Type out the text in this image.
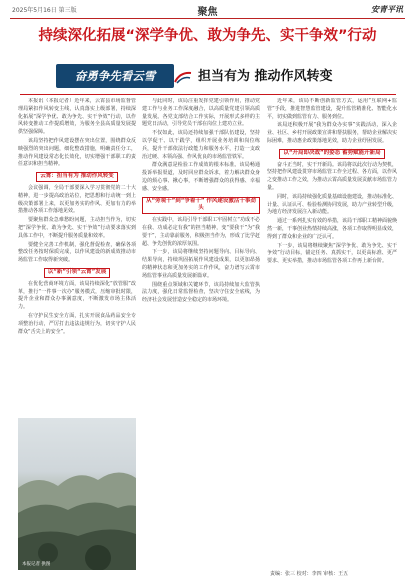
2025年5月16日 第三版	聚焦	安青平讯
持续深化拓展“深学争优、敢为争先、实干争效”行动
奋勇争先看云雪	担当有为 推动作风转变

本报讯（本报记者）近年来，云霄县市场监督管理局紧扣作风转变主线，认真落实上级部署，持续深化拓展“深学争优、敢为争先、实干争效”行动，以作风转变推动工作提质增效，为服务全县高质量发展提供坚强保障。

该局坚持把作风建设摆在突出位置，围绕群众反映强烈的突出问题，细化整改措施，明确责任分工，推动作风建设常态化长效化，切实增强干部职工的责任意识和担当精神。

云霄：担当有为 推动作风转变

会议强调，全局干部要深入学习贯彻党的二十大精神，进一步提高政治站位，把思想和行动统一到上级决策部署上来，以更加务实的作风、更加有力的举措推动各项工作落地见效。

要聚焦群众急难愁盼问题，主动担当作为，切实把“深学争优、敢为争先、实干争效”行动要求落实到具体工作中，不断提升服务质量和效率。

要健全完善工作机制，强化督促检查，确保各项整改任务按时保质完成，以作风建设的新成效推动市场监管工作取得新突破。

以“新”引领“云霄”发展

在优化营商环境方面，该局持续深化“放管服”改革，推行“一件事一次办”服务模式，压缩审批时限，提升企业和群众办事满意度，不断激发市场主体活力。

在守护民生安全方面，扎实开展食品药品安全专项整治行动，严厉打击违法违规行为，切实守护人民群众“舌尖上的安全”。

本报记者 供图

与此同时，该局注重发挥党建引领作用，推动党建工作与业务工作深度融合，以高质量党建引领高质量发展。各党支部结合工作实际，开展形式多样的主题党日活动，引导党员干部在岗位上建功立业。

不仅如此，该局还持续加强干部队伍建设，坚持以学促干、以干践学，组织开展业务培训和岗位练兵，提升干部依法行政能力和服务水平，打造一支政治过硬、本领高强、作风优良的市场监管铁军。

群众满意是检验工作成效的根本标准。该局畅通投诉举报渠道，及时回应群众诉求，着力解决群众身边的烦心事、揪心事，不断增强群众的获得感、幸福感、安全感。

从“旁观干”到“争着干” 作风建设激活干事劲头

在实践中，该局引导干部职工牢固树立“功成不必在我、功成必定有我”的担当精神，变“要我干”为“我要干”，主动靠前服务，积极担当作为，形成了比学赶超、争先创优的浓厚氛围。

下一步，该局将继续坚持问题导向、目标导向、结果导向，持续巩固拓展作风建设成果，以更加昂扬的精神状态和更加务实的工作作风，奋力谱写云霄市场监管事业高质量发展新篇章。

围绕重点领域和关键环节，该局持续加大监管执法力度，强化日常监督检查，坚决守住安全底线，为经济社会发展营造安全稳定的市场环境。

近年来，该局不断创新监管方式，运用“互联网+监管”手段，推进智慧监管建设，提升监管精准化、智能化水平，切实做到监管有力、服务到位。

该局还积极开展“我为群众办实事”实践活动，深入企业、社区、乡村开展政策宣讲和帮扶服务，帮助企业解决实际困难，推动惠企政策落地见效，助力企业纾困发展。

以“开局即决战”的姿态 蓄势赋能开新局

奋斗正当时，实干开新局。该局将以此次行动为契机，坚持把作风建设贯穿市场监管工作全过程、各方面，以作风之变推动工作之效，为推动云霄高质量发展贡献市场监管力量。

同时，该局持续强化质量基础设施建设，推动标准化、计量、认证认可、检验检测协同发展，助力产业转型升级，为地方经济发展注入新动能。

通过一系列扎实有效的举措，该局干部职工精神面貌焕然一新，干事创业热情持续高涨，各项工作取得明显成效，得到了群众和企业的广泛认可。

下一步，该局将继续聚焦“深学争优、敢为争先、实干争效”行动目标，锚定任务、真抓实干，以更高标准、更严要求、更实举措，推动市场监管各项工作再上新台阶。

责编：张三 校对：李四 审核：王五
